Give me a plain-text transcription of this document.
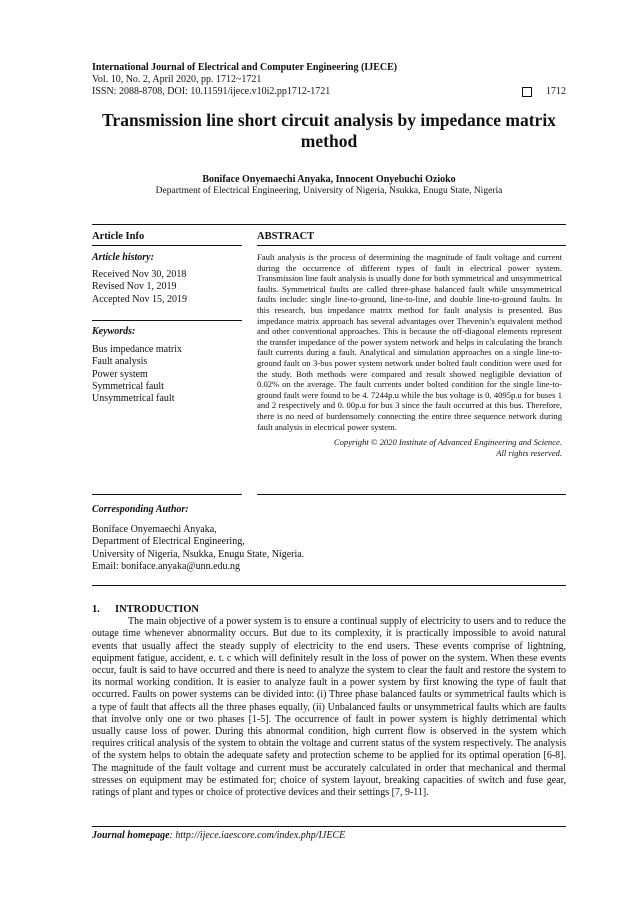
International Journal of Electrical and Computer Engineering (IJECE)
Vol. 10, No. 2, April 2020, pp. 1712~1721
ISSN: 2088-8708, DOI: 10.11591/ijece.v10i2.pp1712-1721	1712
Transmission line short circuit analysis by impedance matrix method
Boniface Onyemaechi Anyaka, Innocent Onyebuchi Ozioko
Department of Electrical Engineering, University of Nigeria, Nsukka, Enugu State, Nigeria
Article Info
Article history:
Received Nov 30, 2018
Revised Nov 1, 2019
Accepted Nov 15, 2019
Keywords:
Bus impedance matrix
Fault analysis
Power system
Symmetrical fault
Unsymmetrical fault
ABSTRACT
Fault analysis is the process of determining the magnitude of fault voltage and current during the occurrence of different types of fault in electrical power system. Transmission line fault analysis is usually done for both symmetrical and unsymmetrical faults. Symmetrical faults are called three-phase balanced fault while unsymmetrical faults include: single line-to-ground, line-to-line, and double line-to-ground faults. In this research, bus impedance matrix method for fault analysis is presented. Bus impedance matrix approach has several advantages over Thevenin’s equivalent method and other conventional approaches. This is because the off-diagonal elements represent the transfer impedance of the power system network and helps in calculating the branch fault currents during a fault. Analytical and simulation approaches on a single line-to-ground fault on 3-bus power system network under bolted fault condition were used for the study. Both methods were compared and result showed negligible deviation of 0.02% on the average. The fault currents under bolted condition for the single line-to-ground fault were found to be 4. 7244p.u while the bus voltage is 0. 4095p.u for buses 1 and 2 respectively and 0. 00p.u for bus 3 since the fault occurred at this bus. Therefore, there is no need of burdensomely connecting the entire three sequence network during fault analysis in electrical power system.
Copyright © 2020 Institute of Advanced Engineering and Science.
All rights reserved.
Corresponding Author:
Boniface Onyemaechi Anyaka,
Department of Electrical Engineering,
University of Nigeria, Nsukka, Enugu State, Nigeria.
Email: boniface.anyaka@unn.edu.ng
1. INTRODUCTION

The main objective of a power system is to ensure a continual supply of electricity to users and to reduce the outage time whenever abnormality occurs. But due to its complexity, it is practically impossible to avoid natural events that usually affect the steady supply of electricity to the end users. These events comprise of lightning, equipment fatigue, accident, e. t. c which will definitely result in the loss of power on the system. When these events occur, fault is said to have occurred and there is need to analyze the system to clear the fault and restore the system to its normal working condition. It is easier to analyze fault in a power system by first knowing the type of fault that occurred. Faults on power systems can be divided into: (i) Three phase balanced faults or symmetrical faults which is a type of fault that affects all the three phases equally, (ii) Unbalanced faults or unsymmetrical faults which are faults that involve only one or two phases [1-5]. The occurrence of fault in power system is highly detrimental which usually cause loss of power. During this abnormal condition, high current flow is observed in the system which requires critical analysis of the system to obtain the voltage and current status of the system respectively. The analysis of the system helps to obtain the adequate safety and protection scheme to be applied for its optimal operation [6-8]. The magnitude of the fault voltage and current must be accurately calculated in order that mechanical and thermal stresses on equipment may be estimated for; choice of system layout, breaking capacities of switch and fuse gear, ratings of plant and types or choice of protective devices and their settings [7, 9-11].

Journal homepage: http://ijece.iaescore.com/index.php/IJECE
